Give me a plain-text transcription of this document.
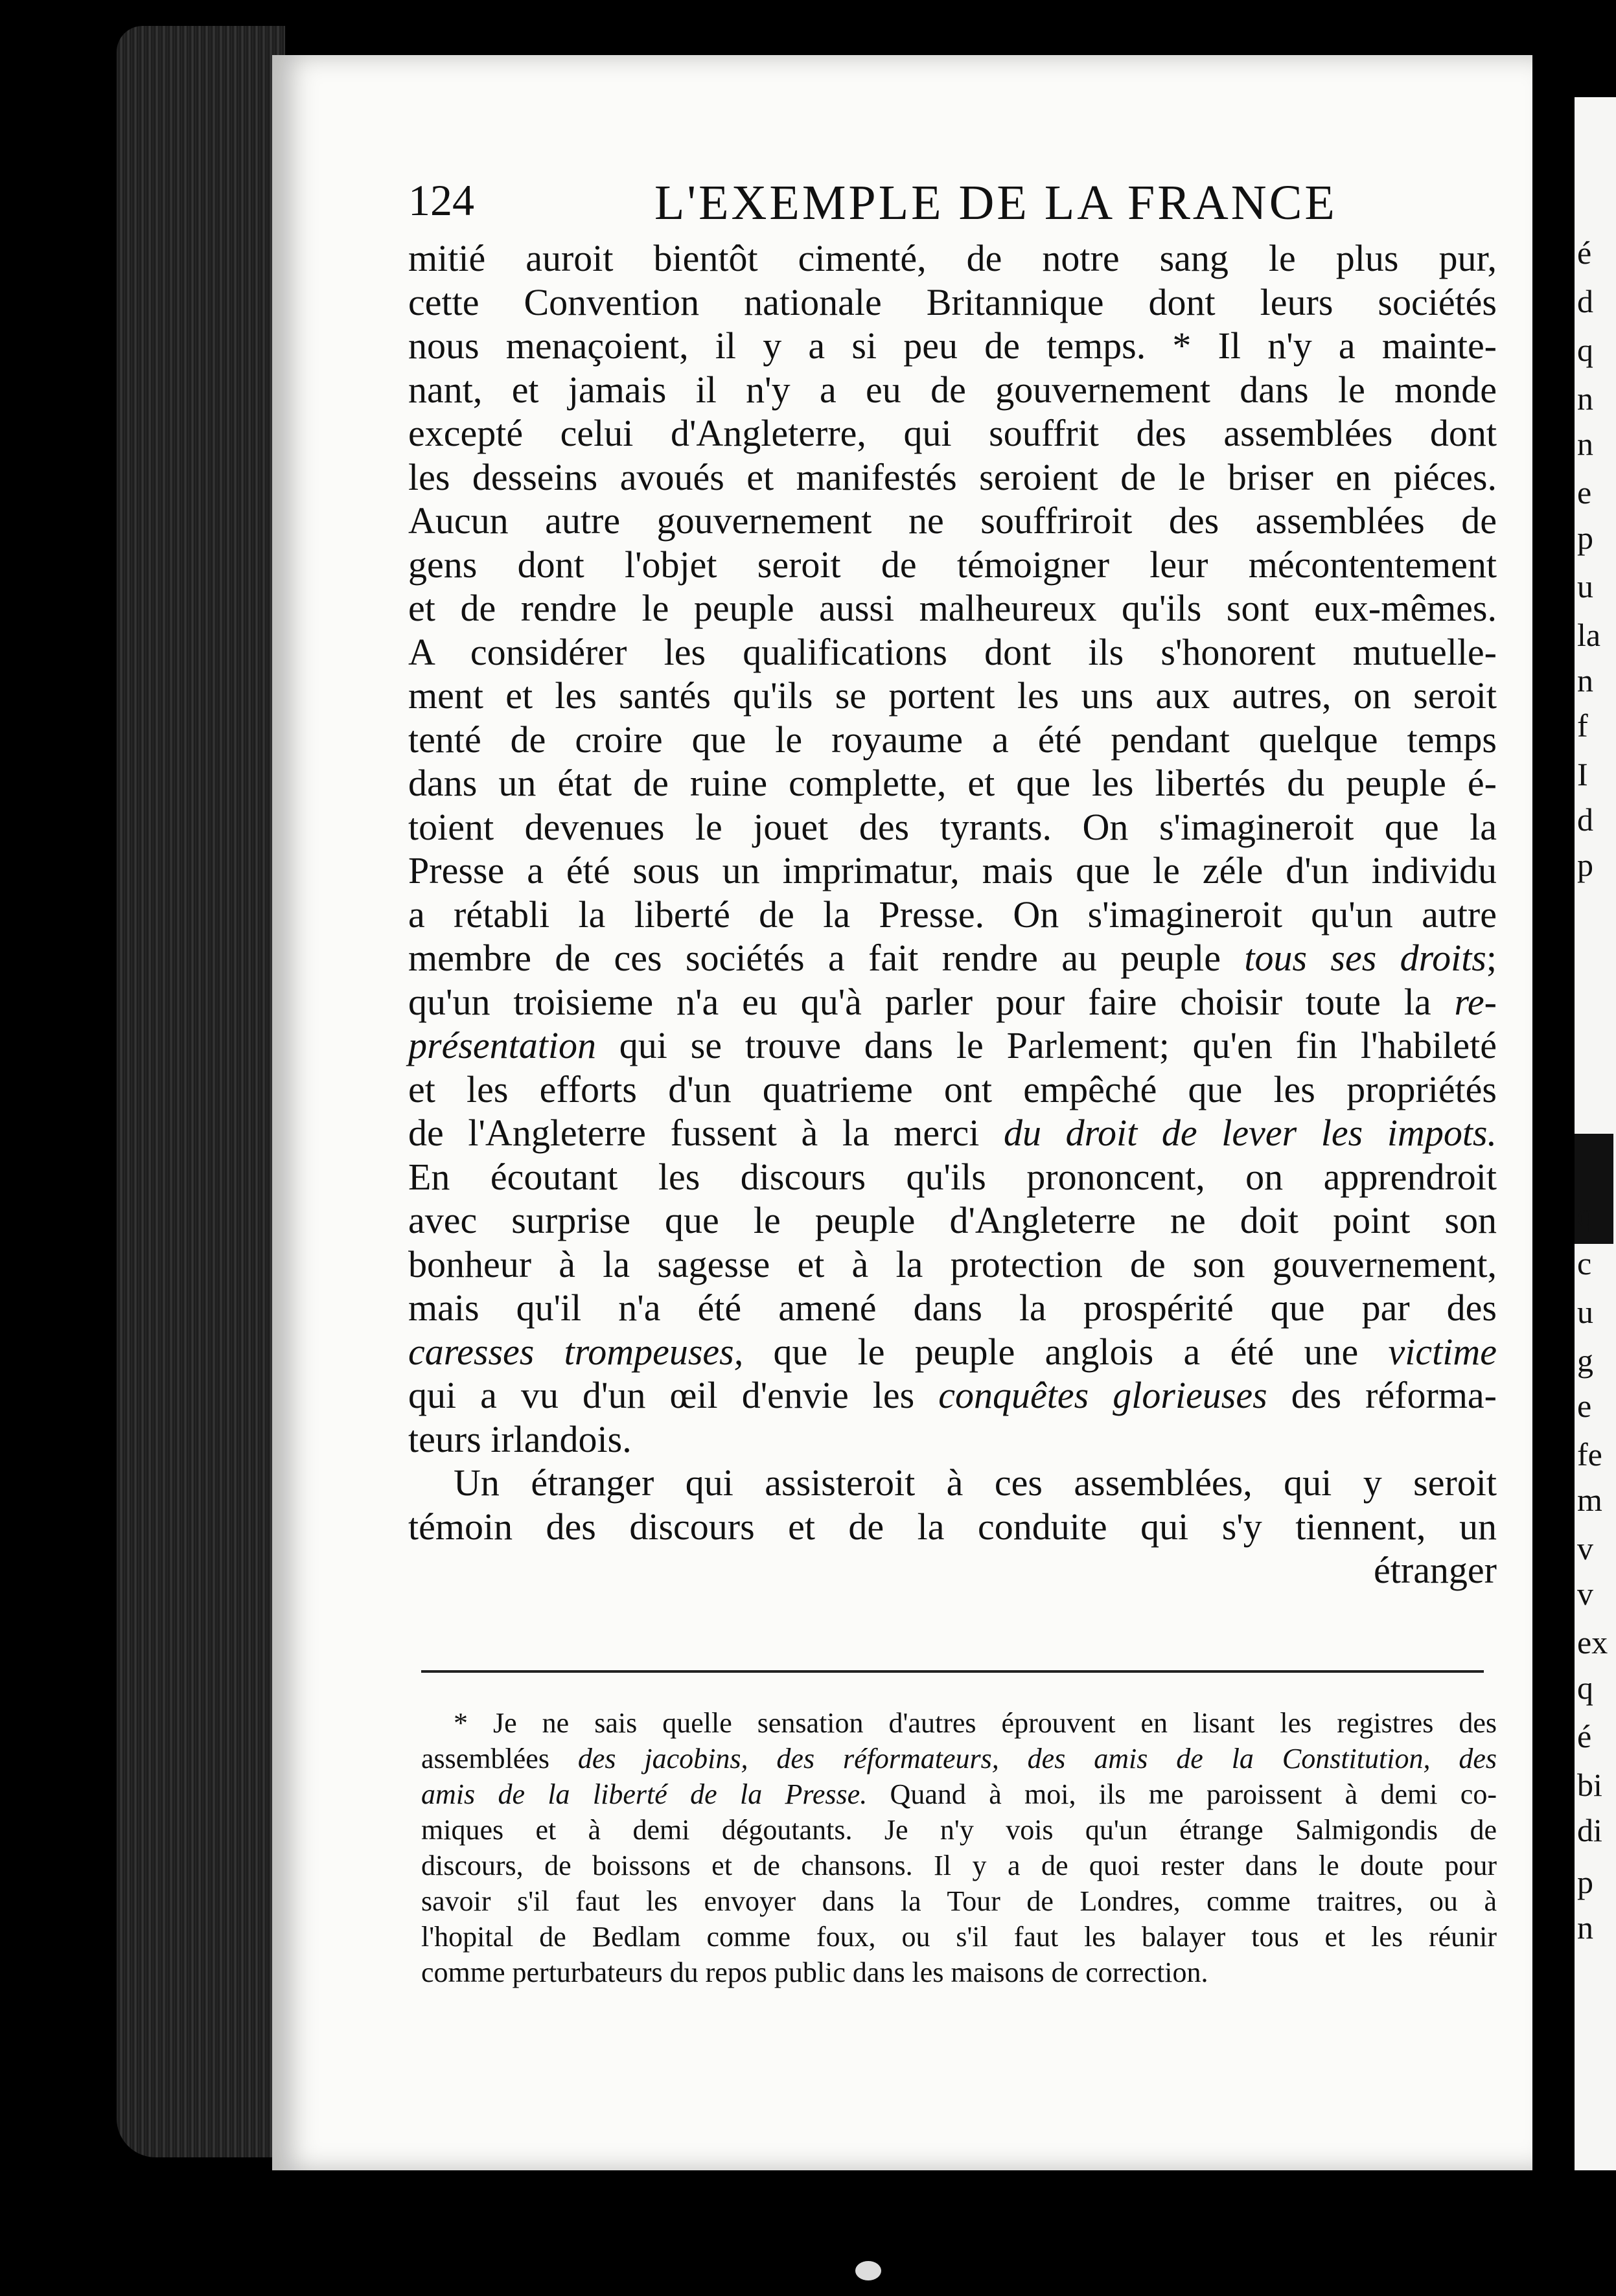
é
d
q
n
n
e
p
u
la
n
f
I
d
p
q
c
u
g
e
fe
m
v
v
ex
q
é
bi
di
p
n
124	L'EXEMPLE DE LA FRANCE
mitié auroit bientôt cimenté, de notre sang le plus pur,
cette Convention nationale Britannique dont leurs sociétés
nous menaçoient, il y a si peu de temps. * Il n'y a mainte-
nant, et jamais il n'y a eu de gouvernement dans le monde
excepté celui d'Angleterre, qui souffrit des assemblées dont
les desseins avoués et manifestés seroient de le briser en piéces.
Aucun autre gouvernement ne souffriroit des assemblées de
gens dont l'objet seroit de témoigner leur mécontentement
et de rendre le peuple aussi malheureux qu'ils sont eux-mêmes.
A considérer les qualifications dont ils s'honorent mutuelle-
ment et les santés qu'ils se portent les uns aux autres, on seroit
tenté de croire que le royaume a été pendant quelque temps
dans un état de ruine complette, et que les libertés du peuple é-
toient devenues le jouet des tyrants. On s'imagineroit que la
Presse a été sous un imprimatur, mais que le zéle d'un individu
a rétabli la liberté de la Presse. On s'imagineroit qu'un autre
membre de ces sociétés a fait rendre au peuple tous ses droits;
qu'un troisieme n'a eu qu'à parler pour faire choisir toute la re-
présentation qui se trouve dans le Parlement; qu'en fin l'habileté
et les efforts d'un quatrieme ont empêché que les propriétés
de l'Angleterre fussent à la merci du droit de lever les impots.
En écoutant les discours qu'ils prononcent, on apprendroit
avec surprise que le peuple d'Angleterre ne doit point son
bonheur à la sagesse et à la protection de son gouvernement,
mais qu'il n'a été amené dans la prospérité que par des
caresses trompeuses, que le peuple anglois a été une victime
qui a vu d'un œil d'envie les conquêtes glorieuses des réforma-
teurs irlandois.
Un étranger qui assisteroit à ces assemblées, qui y seroit
témoin des discours et de la conduite qui s'y tiennent, un
étranger
* Je ne sais quelle sensation d'autres éprouvent en lisant les registres des
assemblées des jacobins, des réformateurs, des amis de la Constitution, des
amis de la liberté de la Presse. Quand à moi, ils me paroissent à demi co-
miques et à demi dégoutants. Je n'y vois qu'un étrange Salmigondis de
discours, de boissons et de chansons. Il y a de quoi rester dans le doute pour
savoir s'il faut les envoyer dans la Tour de Londres, comme traitres, ou à
l'hopital de Bedlam comme foux, ou s'il faut les balayer tous et les réunir
comme perturbateurs du repos public dans les maisons de correction.
